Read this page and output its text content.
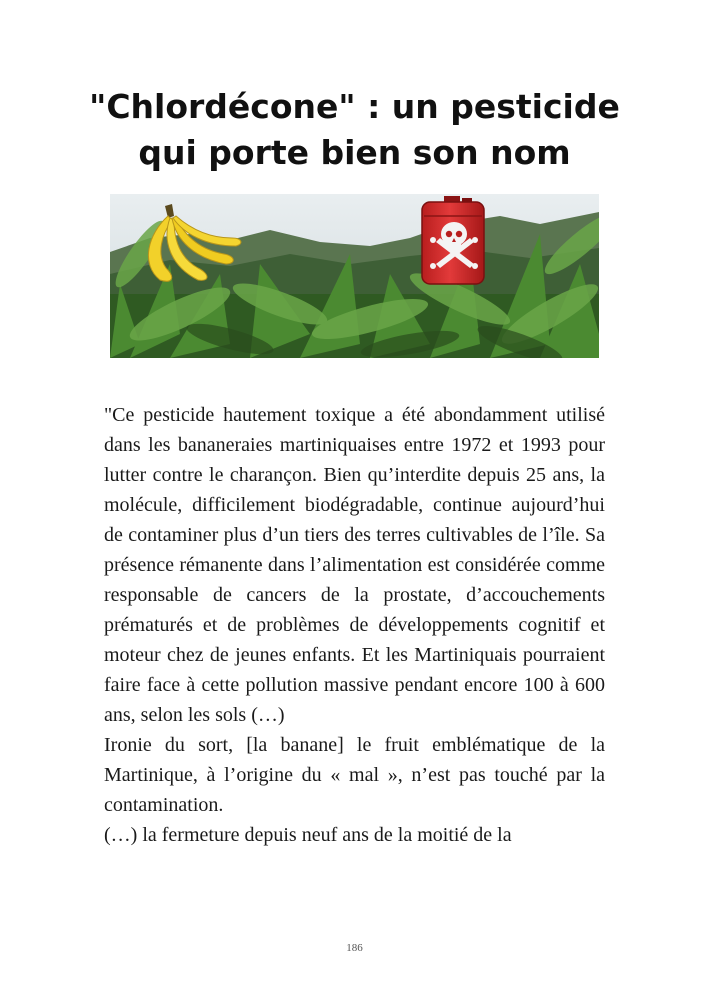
"Chlordécone" : un pesticide
qui porte bien son nom

"Ce pesticide hautement toxique a été abondamment utilisé dans les bananeraies martiniquaises entre 1972 et 1993 pour lutter contre le charançon. Bien qu’interdite depuis 25 ans, la molécule, difficilement biodégradable, continue aujourd’hui de contaminer plus d’un tiers des terres cultivables de l’île. Sa présence rémanente dans l’alimentation est considérée comme responsable de cancers de la prostate, d’accouchements prématurés et de problèmes de développements cognitif et moteur chez de jeunes enfants. Et les Martiniquais pourraient faire face à cette pollution massive pendant encore 100 à 600 ans, selon les sols (…)

Ironie du sort, [la banane] le fruit emblématique de la Martinique, à l’origine du « mal », n’est pas touché par la contamination.

(…) la fermeture depuis neuf ans de la moitié de la

186
